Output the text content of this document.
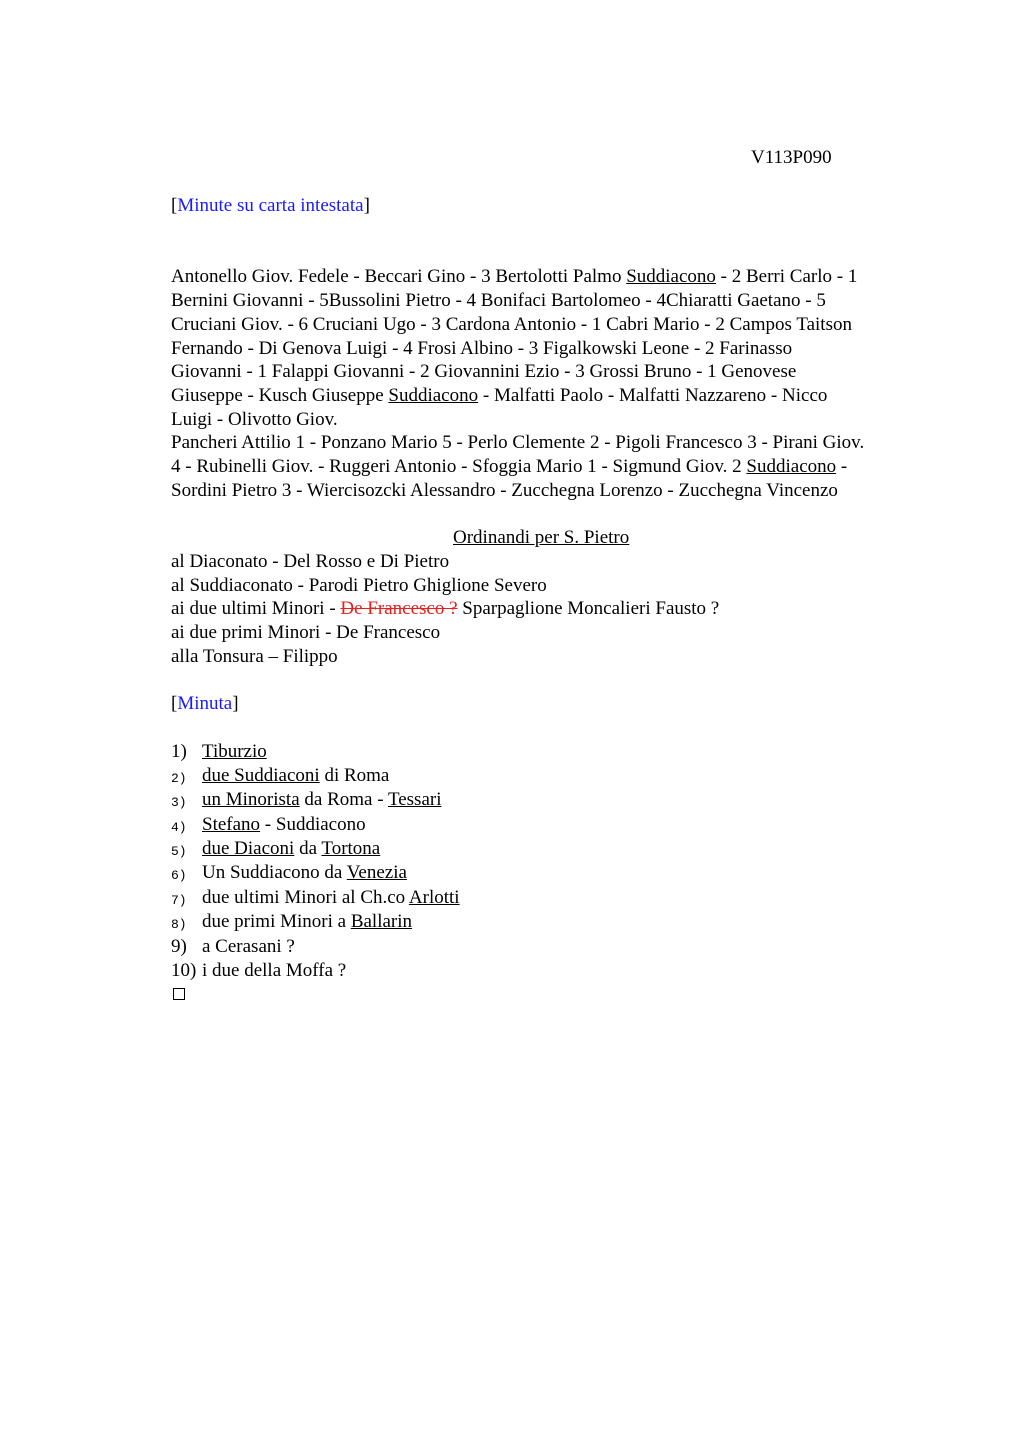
V113P090
[Minute su carta intestata]
Antonello Giov. Fedele - Beccari Gino - 3 Bertolotti Palmo Suddiacono - 2 Berri Carlo - 1
Bernini Giovanni - 5Bussolini Pietro - 4 Bonifaci Bartolomeo - 4Chiaratti Gaetano - 5
Cruciani Giov. - 6 Cruciani Ugo - 3 Cardona Antonio - 1 Cabri Mario - 2 Campos Taitson
Fernando - Di Genova Luigi - 4 Frosi Albino - 3 Figalkowski Leone - 2 Farinasso
Giovanni - 1 Falappi Giovanni - 2 Giovannini Ezio - 3 Grossi Bruno - 1 Genovese
Giuseppe - Kusch Giuseppe Suddiacono - Malfatti Paolo - Malfatti Nazzareno - Nicco
Luigi - Olivotto Giov.
Pancheri Attilio 1 - Ponzano Mario 5 - Perlo Clemente 2 - Pigoli Francesco 3 - Pirani Giov.
4 - Rubinelli Giov. - Ruggeri Antonio - Sfoggia Mario 1 - Sigmund Giov. 2 Suddiacono -
Sordini Pietro 3 - Wiercisozcki Alessandro - Zucchegna Lorenzo - Zucchegna Vincenzo
Ordinandi per S. Pietro
al Diaconato - Del Rosso e Di Pietro
al Suddiaconato - Parodi Pietro Ghiglione Severo
ai due ultimi Minori - De Francesco ? Sparpaglione Moncalieri Fausto ?
ai due primi Minori - De Francesco
alla Tonsura – Filippo
[Minuta]
1) Tiburzio
2) due Suddiaconi di Roma
3) un Minorista da Roma - Tessari
4) Stefano - Suddiacono
5) due Diaconi da Tortona
6) Un Suddiacono da Venezia
7) due ultimi Minori al Ch.co Arlotti
8) due primi Minori a Ballarin
9) a Cerasani ?
10) i due della Moffa ?
